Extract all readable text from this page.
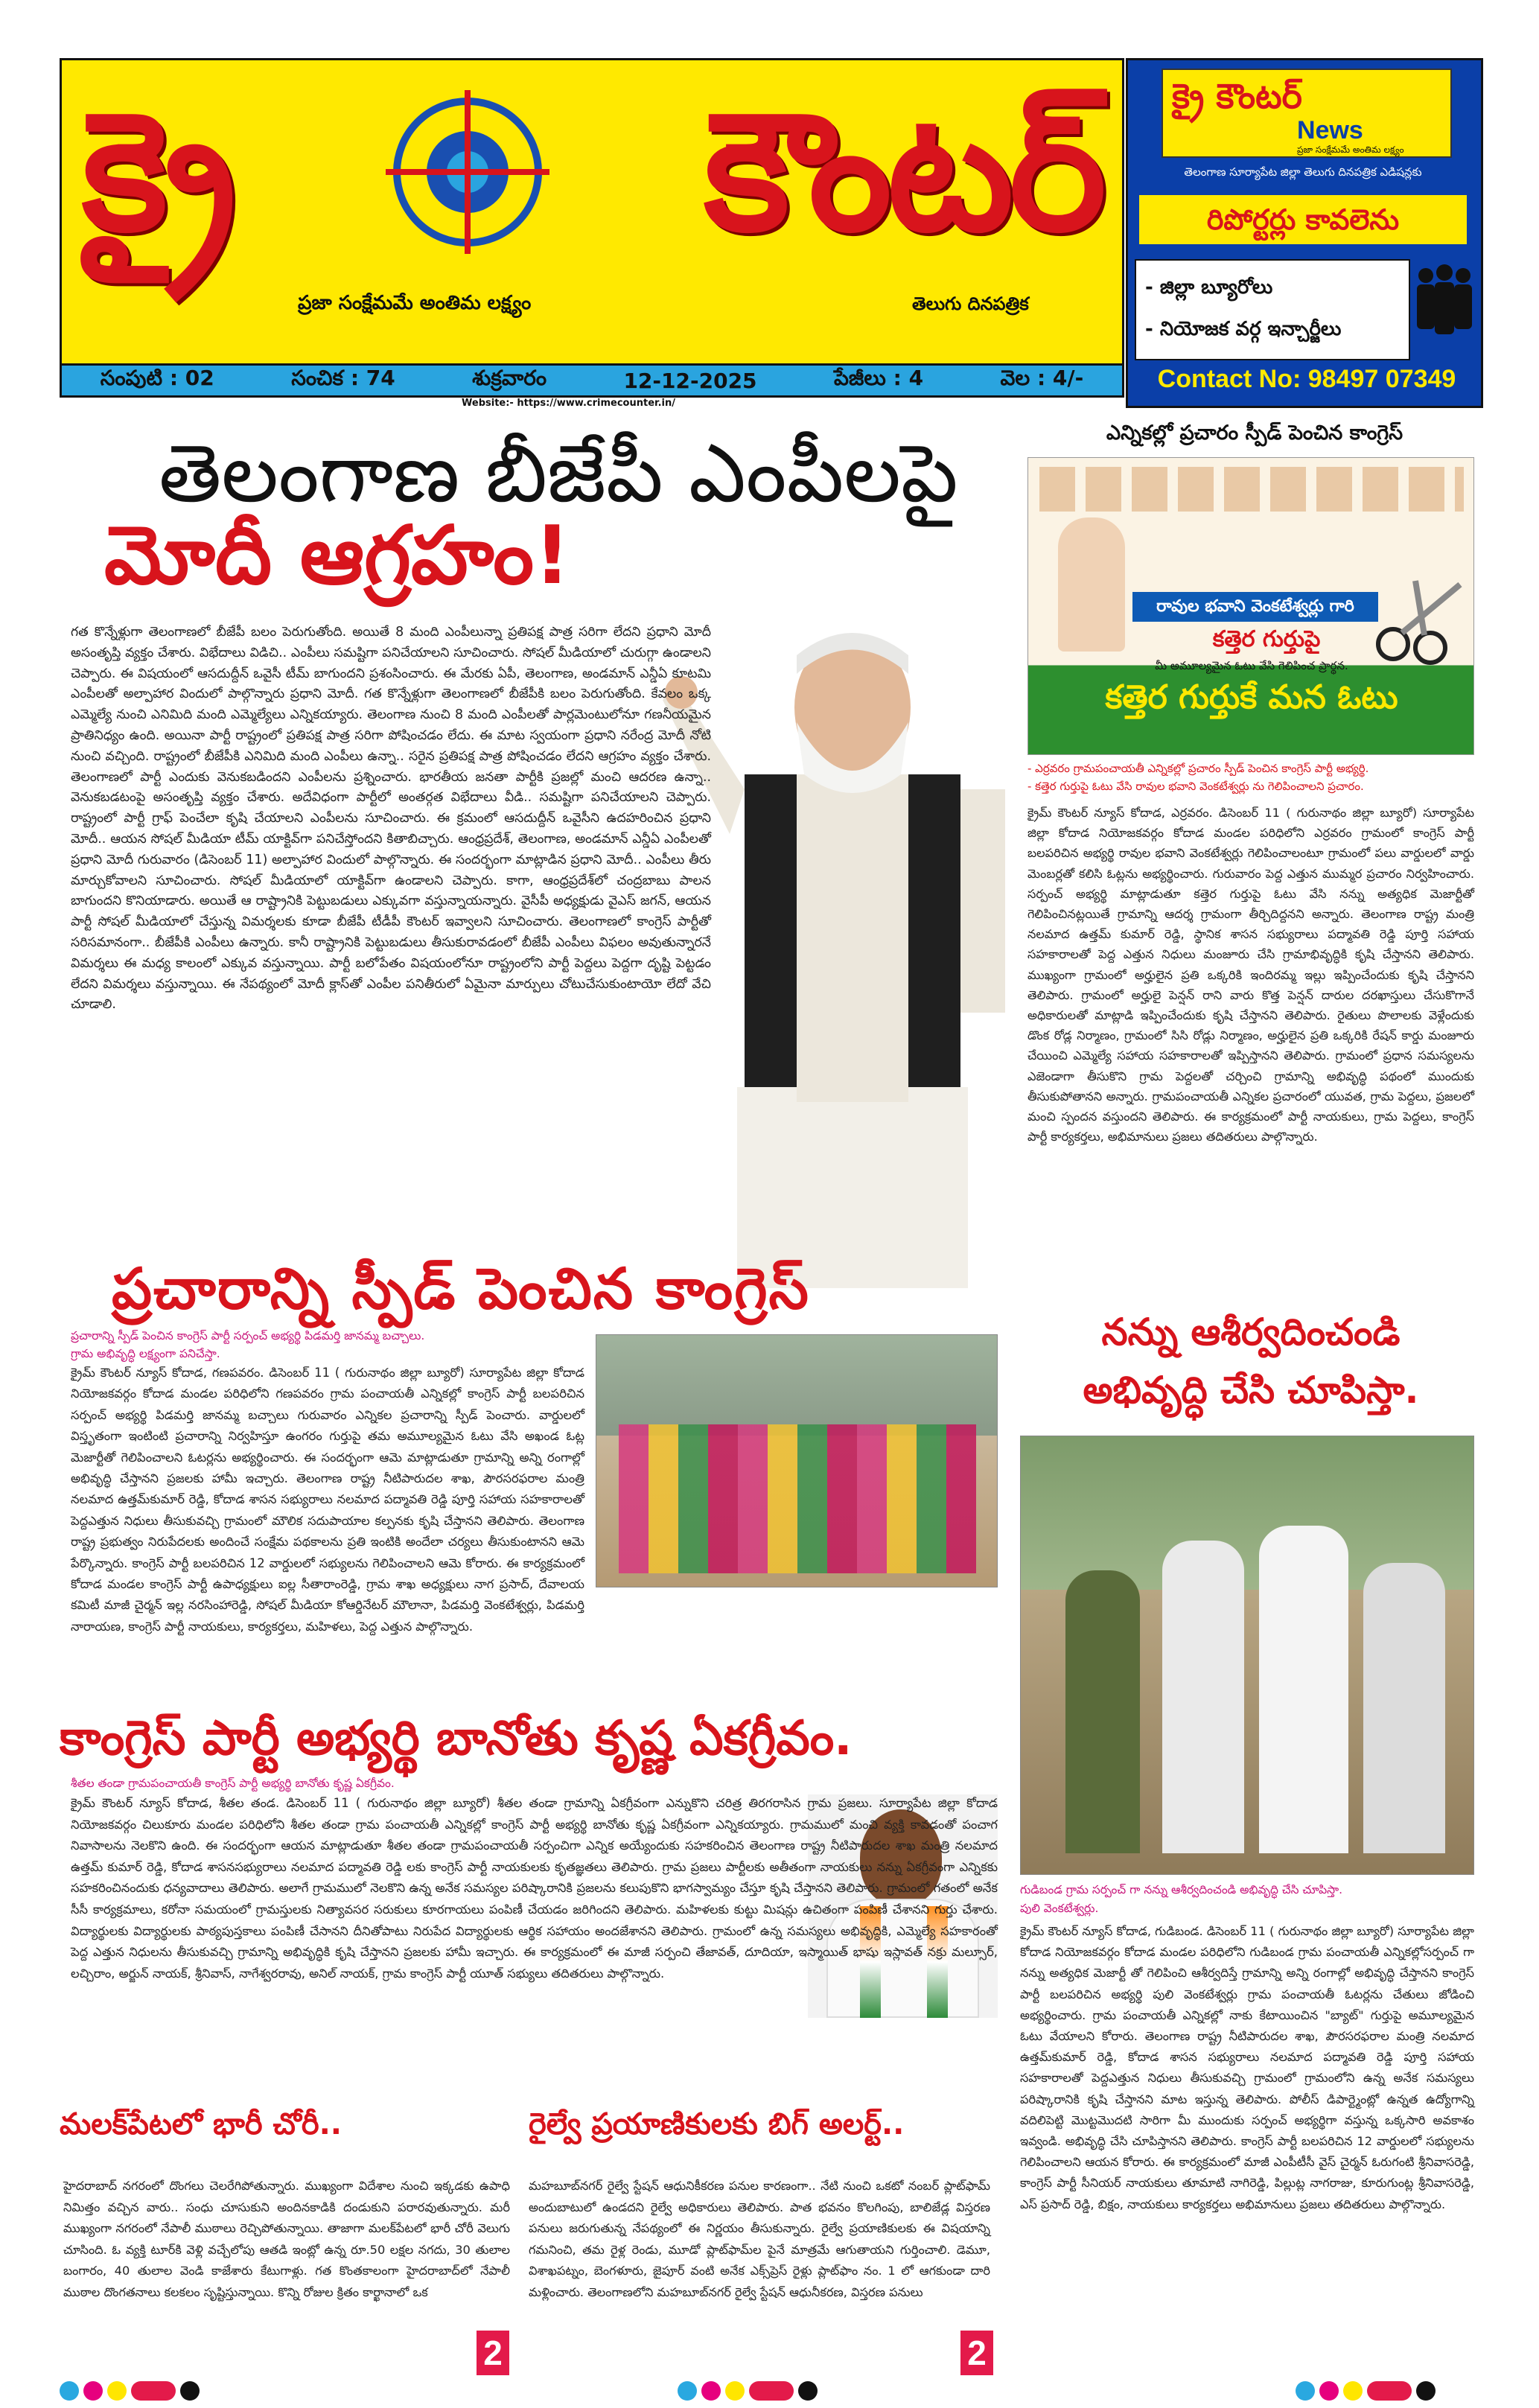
క్రై	కౌంటర్
ప్రజా సంక్షేమమే అంతిమ లక్ష్యం	తెలుగు దినపత్రిక
సంపుటి : 02	సంచిక : 74	శుక్రవారం	12-12-2025	పేజీలు : 4	వెల : 4/-
Website:- https://www.crimecounter.in/
క్రై కౌంటర్
News
ప్రజా సంక్షేమమే అంతిమ లక్ష్యం
తెలంగాణ సూర్యాపేట జిల్లా తెలుగు దినపత్రిక ఎడిషన్లకు
రిపోర్టర్లు కావలెను
- జిల్లా బ్యూరోలు
- నియోజక వర్గ ఇన్చార్జీలు
Contact No: 98497 07349
తెలంగాణ బీజేపీ ఎంపీలపై
మోదీ ఆగ్రహం!
గత కొన్నేళ్లుగా తెలంగాణలో బీజేపీ బలం పెరుగుతోంది. అయితే 8 మంది ఎంపీలున్నా ప్రతిపక్ష పాత్ర సరిగా లేదని ప్రధాని మోదీ అసంతృప్తి వ్యక్తం చేశారు. విభేదాలు విడిచి.. ఎంపీలు సమష్టిగా పనిచేయాలని సూచించారు. సోషల్ మీడియాలో చురుగ్గా ఉండాలని చెప్పారు. ఈ విషయంలో ఆసదుద్దీన్ ఒవైసీ టీమ్ బాగుందని ప్రశంసించారు. ఈ మేరకు ఏపీ, తెలంగాణ, అండమాన్ ఎన్డీఏ కూటమి ఎంపీలతో అల్పాహార విందులో పాల్గొన్నారు ప్రధాని మోదీ. గత కొన్నేళ్లుగా తెలంగాణలో బీజేపీకి బలం పెరుగుతోంది. కేవలం ఒక్క ఎమ్మెల్యే నుంచి ఎనిమిది మంది ఎమ్మెల్యేలు ఎన్నికయ్యారు. తెలంగాణ నుంచి 8 మంది ఎంపీలతో పార్లమెంటులోనూ గణనీయమైన ప్రాతినిధ్యం ఉంది. అయినా పార్టీ రాష్ట్రంలో ప్రతిపక్ష పాత్ర సరిగా పోషించడం లేదు. ఈ మాట స్వయంగా ప్రధాని నరేంద్ర మోదీ నోటి నుంచి వచ్చింది. రాష్ట్రంలో బీజేపీకి ఎనిమిది మంది ఎంపీలు ఉన్నా.. సరైన ప్రతిపక్ష పాత్ర పోషించడం లేదని ఆగ్రహం వ్యక్తం చేశారు. తెలంగాణలో పార్టీ ఎందుకు వెనుకబడిందని ఎంపీలను ప్రశ్నించారు. భారతీయ జనతా పార్టీకి ప్రజల్లో మంచి ఆదరణ ఉన్నా.. వెనుకబడటంపై అసంతృప్తి వ్యక్తం చేశారు. అదేవిధంగా పార్టీలో అంతర్గత విభేదాలు వీడి.. సమష్టిగా పనిచేయాలని చెప్పారు. రాష్ట్రంలో పార్టీ గ్రాఫ్ పెంచేలా కృషి చేయాలని ఎంపీలను సూచించారు. ఈ క్రమంలో ఆసదుద్దీన్ ఒవైసీని ఉదహరించిన ప్రధాని మోదీ.. ఆయన సోషల్ మీడియా టీమ్ యాక్టివ్‌గా పనిచేస్తోందని కితాబిచ్చారు. ఆంధ్రప్రదేశ్, తెలంగాణ, అండమాన్ ఎన్డీఏ ఎంపీలతో ప్రధాని మోదీ గురువారం (డిసెంబర్ 11) అల్పాహార విందులో పాల్గొన్నారు. ఈ సందర్భంగా మాట్లాడిన ప్రధాని మోదీ.. ఎంపీలు తీరు మార్చుకోవాలని సూచించారు. సోషల్ మీడియాలో యాక్టివ్‌గా ఉండాలని చెప్పారు. కాగా, ఆంధ్రప్రదేశ్‌లో చంద్రబాబు పాలన బాగుందని కొనియాడారు. అయితే ఆ రాష్ట్రానికి పెట్టుబడులు ఎక్కువగా వస్తున్నాయన్నారు. వైసీపీ అధ్యక్షుడు వైఎస్ జగన్, ఆయన పార్టీ సోషల్ మీడియాలో చేస్తున్న విమర్శలకు కూడా బీజేపీ టీడీపీ కౌంటర్ ఇవ్వాలని సూచించారు. తెలంగాణలో కాంగ్రెస్ పార్టీతో సరిసమానంగా.. బీజేపీకి ఎంపీలు ఉన్నారు. కానీ రాష్ట్రానికి పెట్టుబడులు తీసుకురావడంలో బీజేపీ ఎంపీలు విఫలం అవుతున్నారనే విమర్శలు ఈ మధ్య కాలంలో ఎక్కువ వస్తున్నాయి. పార్టీ బలోపేతం విషయంలోనూ రాష్ట్రంలోని పార్టీ పెద్దలు పెద్దగా దృష్టి పెట్టడం లేదని విమర్శలు వస్తున్నాయి. ఈ నేపథ్యంలో మోదీ క్లాస్‌తో ఎంపీల పనితీరులో ఏమైనా మార్పులు చోటుచేసుకుంటాయో లేదో వేచి చూడాలి.
ఎన్నికల్లో ప్రచారం స్పీడ్ పెంచిన కాంగ్రెస్
రావుల భవాని వెంకటేశ్వర్లు గారి
కత్తెర గుర్తుపై
మీ అమూల్యమైన ఓటు వేసి గెలిపించ ప్రార్థన.
కత్తెర గుర్తుకే మన ఓటు
- ఎర్రవరం గ్రామపంచాయతీ ఎన్నికల్లో ప్రచారం స్పీడ్ పెంచిన కాంగ్రెస్ పార్టీ అభ్యర్థి.
- కత్తెర గుర్తుపై ఓటు వేసి రావుల భవాని వెంకటేశ్వర్లు ను గెలిపించాలని ప్రచారం.
క్రైమ్ కౌంటర్ న్యూస్ కోదాడ, ఎర్రవరం. డిసెంబర్ 11 ( గురునాథం జిల్లా బ్యూరో) సూర్యాపేట జిల్లా కోదాడ నియోజకవర్గం కోదాడ మండల పరిధిలోని ఎర్రవరం గ్రామంలో కాంగ్రెస్ పార్టీ బలపరిచిన అభ్యర్థి రావుల భవాని వెంకటేశ్వర్లు గెలిపించాలంటూ గ్రామంలో పలు వార్డులలో వార్డు మెంబర్లతో కలిసి ఓట్లను అభ్యర్థించారు. గురువారం పెద్ద ఎత్తున ముమ్మర ప్రచారం నిర్వహించారు. సర్పంచ్ అభ్యర్థి మాట్లాడుతూ కత్తెర గుర్తుపై ఓటు వేసి నన్ను అత్యధిక మెజార్టీతో గెలిపించినట్లయితే గ్రామాన్ని ఆదర్శ గ్రామంగా తీర్చిదిద్దనని అన్నారు. తెలంగాణ రాష్ట్ర మంత్రి నలమాద ఉత్తమ్ కుమార్ రెడ్డి, స్థానిక శాసన సభ్యురాలు పద్మావతి రెడ్డి పూర్తి సహాయ సహకారాలతో పెద్ద ఎత్తున నిధులు మంజూరు చేసి గ్రామాభివృద్ధికి కృషి చేస్తానని తెలిపారు. ముఖ్యంగా గ్రామంలో అర్హులైన ప్రతి ఒక్కరికి ఇందిరమ్మ ఇల్లు ఇప్పించేందుకు కృషి చేస్తానని తెలిపారు. గ్రామంలో అర్హులై పెన్షన్ రాని వారు కొత్త పెన్షన్ దారుల దరఖాస్తులు చేసుకొగానే అధికారులతో మాట్లాడి ఇప్పించేందుకు కృషి చేస్తానని తెలిపారు. రైతులు పొలాలకు వెళ్లేందుకు డొంక రోడ్ల నిర్మాణం, గ్రామంలో సిసి రోడ్లు నిర్మాణం, అర్హులైన ప్రతి ఒక్కరికి రేషన్ కార్డు మంజూరు చేయించి ఎమ్మెల్యే సహాయ సహకారాలతో ఇప్పిస్తానని తెలిపారు. గ్రామంలో ప్రధాన సమస్యలను ఎజెండాగా తీసుకొని గ్రామ పెద్దలతో చర్చించి గ్రామాన్ని అభివృద్ధి పథంలో ముందుకు తీసుకుపోతానని అన్నారు. గ్రామపంచాయతీ ఎన్నికల ప్రచారంలో యువత, గ్రామ పెద్దలు, ప్రజలలో మంచి స్పందన వస్తుందని తెలిపారు. ఈ కార్యక్రమంలో పార్టీ నాయకులు, గ్రామ పెద్దలు, కాంగ్రెస్ పార్టీ కార్యకర్తలు, అభిమానులు ప్రజలు తదితరులు పాల్గొన్నారు.
ప్రచారాన్ని స్పీడ్ పెంచిన కాంగ్రెస్
ప్రచారాన్ని స్పీడ్ పెంచిన కాంగ్రెస్ పార్టీ సర్పంచ్ అభ్యర్థి పిడమర్తి జానమ్మ బచ్చాలు.
గ్రామ అభివృద్ధి లక్ష్యంగా పనిచేస్తా.
క్రైమ్ కౌంటర్ న్యూస్ కోదాడ, గణపవరం. డిసెంబర్ 11 ( గురునాథం జిల్లా బ్యూరో) సూర్యాపేట జిల్లా కోదాడ నియోజకవర్గం కోదాడ మండల పరిధిలోని గణపవరం గ్రామ పంచాయతీ ఎన్నికల్లో కాంగ్రెస్ పార్టీ బలపరిచిన సర్పంచ్ అభ్యర్థి పిడమర్తి జానమ్మ బచ్చాలు గురువారం ఎన్నికల ప్రచారాన్ని స్పీడ్ పెంచారు. వార్డులలో విస్తృతంగా ఇంటింటి ప్రచారాన్ని నిర్వహిస్తూ ఉంగరం గుర్తుపై తమ అమూల్యమైన ఓటు వేసి అఖండ ఓట్ల మెజార్టీతో గెలిపించాలని ఓటర్లను అభ్యర్థించారు. ఈ సందర్భంగా ఆమె మాట్లాడుతూ గ్రామాన్ని అన్ని రంగాల్లో అభివృద్ధి చేస్తానని ప్రజలకు హామీ ఇచ్చారు. తెలంగాణ రాష్ట్ర నీటిపారుదల శాఖ, పౌరసరఫరాల మంత్రి నలమాద ఉత్తమ్‌కుమార్ రెడ్డి, కోదాడ శాసన సభ్యురాలు నలమాద పద్మావతి రెడ్డి పూర్తి సహాయ సహకారాలతో పెద్దఎత్తున నిధులు తీసుకువచ్చి గ్రామంలో మౌలిక సదుపాయాల కల్పనకు కృషి చేస్తానని తెలిపారు. తెలంగాణ రాష్ట్ర ప్రభుత్వం నిరుపేదలకు అందించే సంక్షేమ పథకాలను ప్రతి ఇంటికి అందేలా చర్యలు తీసుకుంటానని ఆమె పేర్కొన్నారు. కాంగ్రెస్ పార్టీ బలపరిచిన 12 వార్డులలో సభ్యులను గెలిపించాలని ఆమె కోరారు. ఈ కార్యక్రమంలో కోదాడ మండల కాంగ్రెస్ పార్టీ ఉపాధ్యక్షులు ఐల్ల సీతారాంరెడ్డి, గ్రామ శాఖ అధ్యక్షులు నాగ ప్రసాద్, దేవాలయ కమిటీ మాజీ చైర్మన్ ఇల్ల నరసింహారెడ్డి, సోషల్ మీడియా కోఆర్డినేటర్ మౌలానా, పిడమర్తి వెంకటేశ్వర్లు, పిడమర్తి నారాయణ, కాంగ్రెస్ పార్టీ నాయకులు, కార్యకర్తలు, మహిళలు, పెద్ద ఎత్తున పాల్గొన్నారు.
కాంగ్రెస్ పార్టీ అభ్యర్థి బానోతు కృష్ణ ఏకగ్రీవం.
శీతల తండా గ్రామపంచాయతీ కాంగ్రెస్ పార్టీ అభ్యర్థి బానోతు కృష్ణ ఏకగ్రీవం.
క్రైమ్ కౌంటర్ న్యూస్ కోదాడ, శీతల తండ. డిసెంబర్ 11 ( గురునాథం జిల్లా బ్యూరో) శీతల తండా గ్రామాన్ని ఏకగ్రీవంగా ఎన్నుకొని చరిత్ర తిరగరాసిన గ్రామ ప్రజలు. సూర్యాపేట జిల్లా కోదాడ నియోజకవర్గం చిలుకూరు మండల పరిధిలోని శీతల తండా గ్రామ పంచాయతీ ఎన్నికల్లో కాంగ్రెస్ పార్టీ అభ్యర్థి బానోతు కృష్ణ ఏకగ్రీవంగా ఎన్నికయ్యారు. గ్రామములో మంచి వ్యక్తి కావడంతో పంచాగ నివాసాలను నెలకొని ఉంది. ఈ సందర్భంగా ఆయన మాట్లాడుతూ శీతల తండా గ్రామపంచాయతీ సర్పంచిగా ఎన్నిక అయ్యేందుకు సహకరించిన తెలంగాణ రాష్ట్ర నీటిపారుదల శాఖ మంత్రి నలమాద ఉత్తమ్ కుమార్ రెడ్డి, కోదాడ శాసనసభ్యురాలు నలమాద పద్మావతి రెడ్డి లకు కాంగ్రెస్ పార్టీ నాయకులకు కృతజ్ఞతలు తెలిపారు. గ్రామ ప్రజలు పార్టీలకు అతీతంగా నాయకులు నన్ను ఏకగ్రీవంగా ఎన్నికకు సహకరించినందుకు ధన్యవాదాలు తెలిపారు. అలాగే గ్రామములో నెలకొని ఉన్న అనేక సమస్యల పరిష్కారానికి ప్రజలను కలుపుకొని భాగస్వామ్యం చేస్తూ కృషి చేస్తానని తెలిపారు. గ్రామంలో గతంలో అనేక సీసీ కార్యక్రమాలు, కరోనా సమయంలో గ్రామస్తులకు నిత్యావసర సరుకులు కూరగాయలు పంపిణీ చేయడం జరిగిందని తెలిపారు. మహిళలకు కుట్టు మిషన్లు ఉచితంగా పంపిణీ చేశానని గుర్తు చేశారు. విద్యార్థులకు విద్యార్థులకు పాఠ్యపుస్తకాలు పంపిణీ చేసానని దీనితోపాటు నిరుపేద విద్యార్థులకు ఆర్థిక సహాయం అందజేశానని తెలిపారు. గ్రామంలో ఉన్న సమస్యలు అభివృద్ధికి, ఎమ్మెల్యే సహకారంతో పెద్ద ఎత్తున నిధులను తీసుకువచ్చి గ్రామాన్ని అభివృద్ధికి కృషి చేస్తానని ప్రజలకు హామీ ఇచ్చారు. ఈ కార్యక్రమంలో ఈ మాజీ సర్పంచి తేజావత్, దూదియా, ఇస్మాయిత్ భాషు ఇస్లావత్ నక్రు మల్సూర్, లచ్చిరాం, అర్జున్ నాయక్, శ్రీనివాస్, నాగేశ్వరరావు, అనిల్ నాయక్, గ్రామ కాంగ్రెస్ పార్టీ యూత్ సభ్యులు తదితరులు పాల్గొన్నారు.
నన్ను ఆశీర్వదించండి
అభివృద్ధి చేసి చూపిస్తా.
గుడిబండ గ్రామ సర్పంచ్ గా నన్ను ఆశీర్వదించండి అభివృద్ధి చేసి చూపిస్తా.
పులి వెంకటేశ్వర్లు.
క్రైమ్ కౌంటర్ న్యూస్ కోదాడ, గుడిబండ. డిసెంబర్ 11 ( గురునాథం జిల్లా బ్యూరో) సూర్యాపేట జిల్లా కోదాడ నియోజకవర్గం కోదాడ మండల పరిధిలోని గుడిబండ గ్రామ పంచాయతీ ఎన్నికల్లోసర్పంచ్ గా నన్ను అత్యధిక మెజార్టీ తో గెలిపించి ఆశీర్వదిస్తే గ్రామాన్ని అన్ని రంగాల్లో అభివృద్ధి చేస్తానని కాంగ్రెస్ పార్టీ బలపరిచిన అభ్యర్థి పులి వెంకటేశ్వర్లు గ్రామ పంచాయతీ ఓటర్లను చేతులు జోడించి అభ్యర్థించారు. గ్రామ పంచాయతీ ఎన్నికల్లో నాకు కేటాయించిన "బ్యాట్" గుర్తుపై అమూల్యమైన ఓటు వేయాలని కోరారు. తెలంగాణ రాష్ట్ర నీటిపారుదల శాఖ, పౌరసరఫరాల మంత్రి నలమాద ఉత్తమ్‌కుమార్ రెడ్డి, కోదాడ శాసన సభ్యురాలు నలమాద పద్మావతి రెడ్డి పూర్తి సహాయ సహకారాలతో పెద్దఎత్తున నిధులు తీసుకువచ్చి గ్రామంలో గ్రామంలోని ఉన్న అనేక సమస్యలు పరిష్కారానికి కృషి చేస్తానని మాట ఇస్తున్న తెలిపారు. పోలీస్ డిపార్ట్మెంట్లో ఉన్నత ఉద్యోగాన్ని వదిలిపెట్టి మొట్టమొదటి సారిగా మీ ముందుకు సర్పంచ్ అభ్యర్థిగా వస్తున్న ఒక్కసారి అవకాశం ఇవ్వండి. అభివృద్ధి చేసి చూపిస్తానని తెలిపారు. కాంగ్రెస్ పార్టీ బలపరిచిన 12 వార్డులలో సభ్యులను గెలిపించాలని ఆయన కోరారు. ఈ కార్యక్రమంలో మాజీ ఎంపీటీసీ వైస్ చైర్మన్ ఓరుగంటి శ్రీనివాసరెడ్డి, కాంగ్రెస్ పార్టీ సీనియర్ నాయకులు తూమాటి నాగిరెడ్డి, పిల్లుట్ల నాగరాజు, కూరుగుంట్ల శ్రీనివాసరెడ్డి, ఎస్ ప్రసాద్ రెడ్డి, బిక్షం, నాయకులు కార్యకర్తలు అభిమానులు ప్రజలు తదితరులు పాల్గొన్నారు.
మలక్‌పేటలో భారీ చోరీ..
హైదరాబాద్ నగరంలో దొంగలు చెలరేగిపోతున్నారు. ముఖ్యంగా విదేశాల నుంచి ఇక్కడకు ఉపాధి నిమిత్తం వచ్చిన వారు.. సంధు చూసుకుని అందినకాడికి దండుకుని పరారవుతున్నారు. మరీ ముఖ్యంగా నగరంలో నేపాలీ ముఠాలు రెచ్చిపోతున్నాయి. తాజాగా మలక్‌పేటలో భారీ చోరీ వెలుగు చూసింది. ఓ వ్యక్తి టూర్‌కి వెళ్లి వచ్చేలోపు ఆతడి ఇంట్లో ఉన్న రూ.50 లక్షల నగదు, 30 తులాల బంగారం, 40 తులాల వెండి కాజేశారు కేటుగాళ్లు. గత కొంతకాలంగా హైదరాబాద్‌లో నేపాలీ ముఠాల దొంగతనాలు కలకలం సృష్టిస్తున్నాయి. కొన్ని రోజుల క్రితం కార్ఖానాలో ఒక
2
రైల్వే ప్రయాణికులకు బిగ్ అలర్ట్..
మహబూబ్‌నగర్ రైల్వే స్టేషన్ ఆధునికీకరణ పనుల కారణంగా.. నేటి నుంచి ఒకటో నంబర్ ప్లాట్‌ఫామ్ అందుబాటులో ఉండదని రైల్వే అధికారులు తెలిపారు. పాత భవనం కొలగింపు, బాలిజేడ్ల విస్తరణ పనులు జరుగుతున్న నేపథ్యంలో ఈ నిర్ణయం తీసుకున్నారు. రైల్వే ప్రయాణికులకు ఈ విషయాన్ని గమనించి, తమ రైళ్ల రెండు, మూడో ప్లాట్‌ఫామ్‌ల పైనే మాత్రమే ఆగుతాయని గుర్తించాలి. డెమూ, విశాఖపట్నం, బెంగళూరు, జైపూర్ వంటి అనేక ఎక్స్‌ప్రెస్ రైళ్లు ప్లాట్‌ఫాం నం. 1 లో ఆగకుండా దారి మళ్లించారు. తెలంగాణలోని మహబూబ్‌నగర్ రైల్వే స్టేషన్ ఆధునీకరణ, విస్తరణ పనులు
2
